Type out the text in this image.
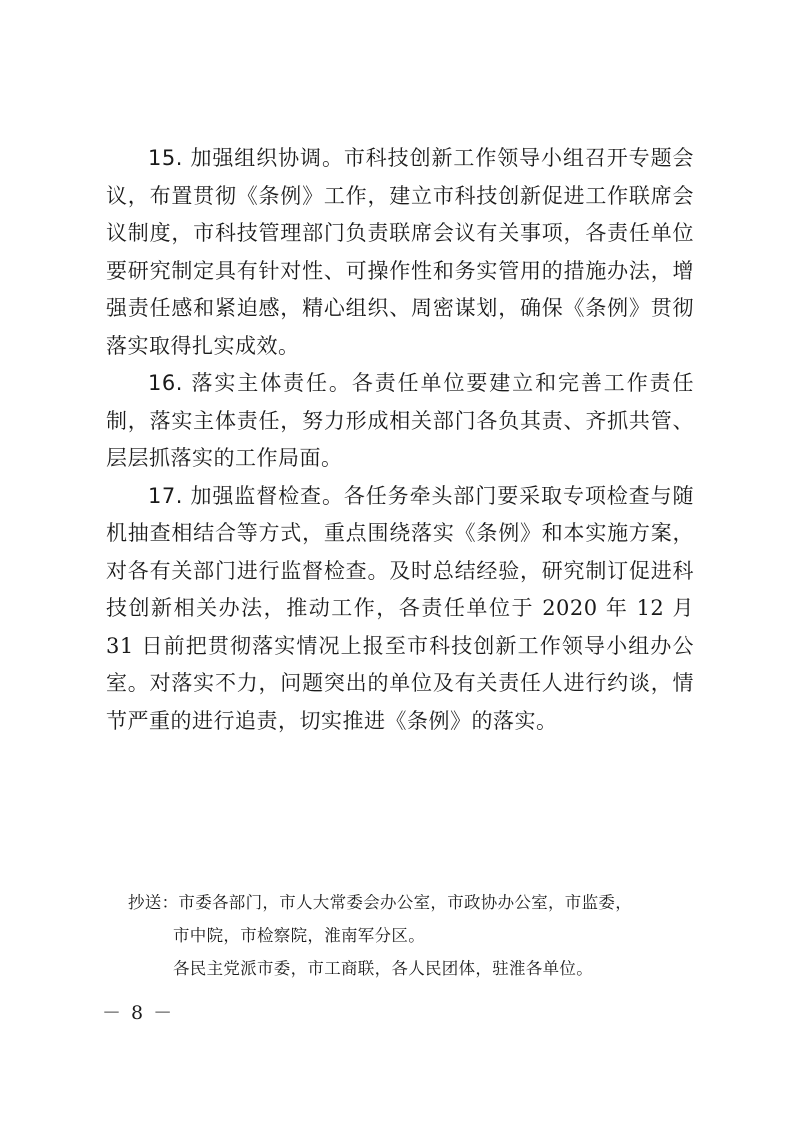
15. 加强组织协调。市科技创新工作领导小组召开专题会议，布置贯彻《条例》工作，建立市科技创新促进工作联席会议制度，市科技管理部门负责联席会议有关事项，各责任单位要研究制定具有针对性、可操作性和务实管用的措施办法，增强责任感和紧迫感，精心组织、周密谋划，确保《条例》贯彻落实取得扎实成效。

16. 落实主体责任。各责任单位要建立和完善工作责任制，落实主体责任，努力形成相关部门各负其责、齐抓共管、层层抓落实的工作局面。

17. 加强监督检查。各任务牵头部门要采取专项检查与随机抽查相结合等方式，重点围绕落实《条例》和本实施方案，对各有关部门进行监督检查。及时总结经验，研究制订促进科技创新相关办法，推动工作，各责任单位于 2020 年 12 月 31 日前把贯彻落实情况上报至市科技创新工作领导小组办公室。对落实不力，问题突出的单位及有关责任人进行约谈，情节严重的进行追责，切实推进《条例》的落实。

抄送：市委各部门，市人大常委会办公室，市政协办公室，市监委，

市中院，市检察院，淮南军分区。

各民主党派市委，市工商联，各人民团体，驻淮各单位。

－ 8 －
